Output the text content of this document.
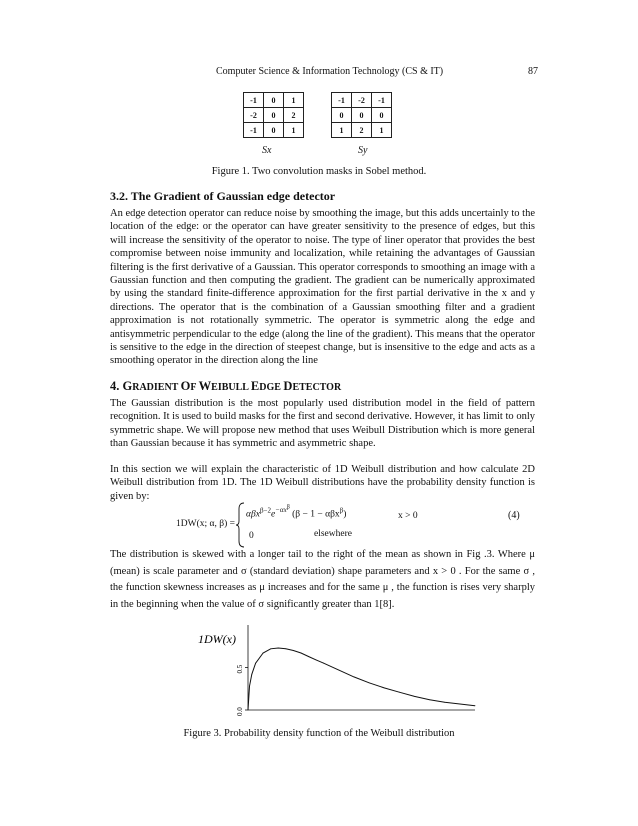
Computer Science & Information Technology (CS & IT)	87
-1	0	1
-2	0	2
-1	0	1
-1	-2	-1
0	0	0
1	2	1
Sx	Sy
Figure 1. Two convolution masks in Sobel method.
3.2. The Gradient of Gaussian edge detector
An edge detection operator can reduce noise by smoothing the image, but this adds uncertainly to the location of the edge: or the operator can have greater sensitivity to the presence of edges, but this will increase the sensitivity of the operator to noise. The type of liner operator that provides the best compromise between noise immunity and localization, while retaining the advantages of Gaussian filtering is the first derivative of a Gaussian. This operator corresponds to smoothing an image with a Gaussian function and then computing the gradient. The gradient can be numerically approximated by using the standard finite-difference approximation for the first partial derivative in the x and y directions. The operator that is the combination of a Gaussian smoothing filter and a gradient approximation is not rotationally symmetric. The operator is symmetric along the edge and antisymmetric perpendicular to the edge (along the line of the gradient). This means that the operator is sensitive to the edge in the direction of steepest change, but is insensitive to the edge and acts as a smoothing operator in the direction along the line
4. GRADIENT OF WEIBULL EDGE DETECTOR
The Gaussian distribution is the most popularly used distribution model in the field of pattern recognition. It is used to build masks for the first and second derivative. However, it has limit to only symmetric shape. We will propose new method that uses Weibull Distribution which is more general than Gaussian because it has symmetric and asymmetric shape.
In this section we will explain the characteristic of 1D Weibull distribution and how calculate 2D Weibull distribution from 1D. The 1D Weibull distributions have the probability density function is given by:
1DW(x; α, β) =
$\alpha\beta x^{\beta-2}e^{-\alpha x^\beta}$ (β − 1 − αβx$^\beta$)	x > 0
0	elsewhere
(4)
The distribution is skewed with a longer tail to the right of the mean as shown in Fig .3. Where μ (mean) is scale parameter and σ (standard deviation) shape parameters and x > 0 . For the same σ , the function skewness increases as μ increases and for the same μ , the function is rises very sharply in the beginning when the value of σ significantly greater than 1[8].
1DW(x)
0.0
0.5
Figure 3. Probability density function of the Weibull distribution
